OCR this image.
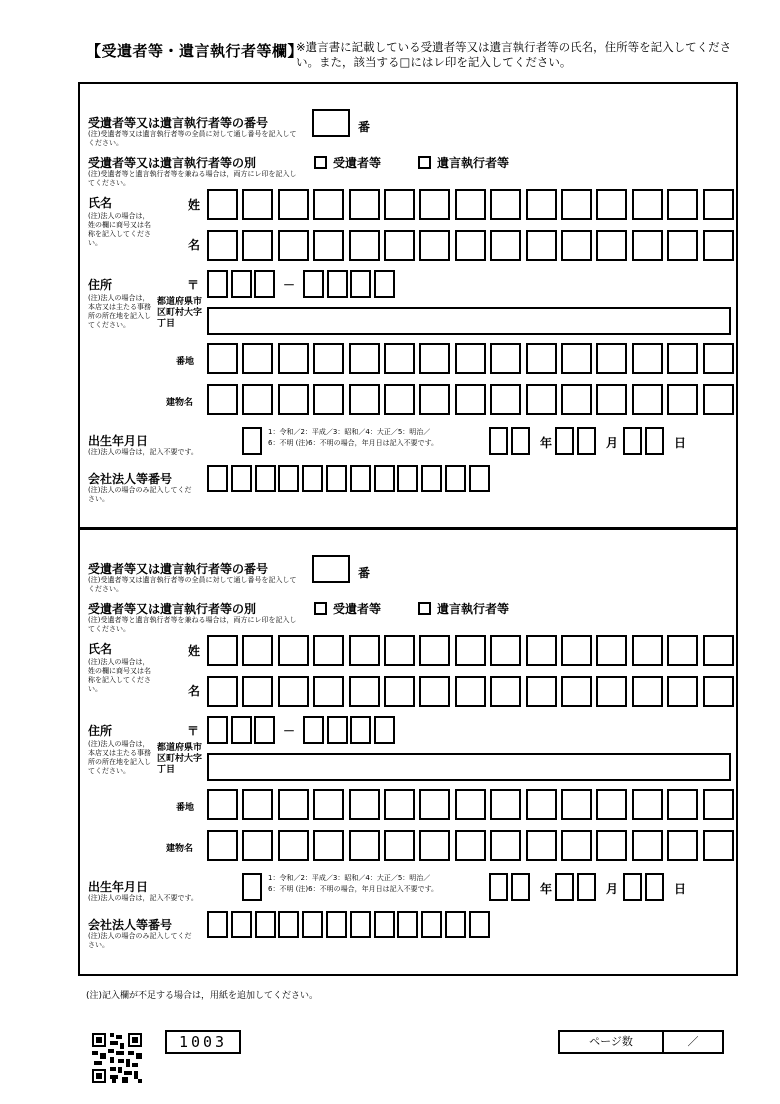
【受遺者等・遺言執行者等欄】
※遺言書に記載している受遺者等又は遺言執行者等の氏名，住所等を記入してください。また，該当する□にはレ印を記入してください。
受遺者等又は遺言執行者等の番号
(注)受遺者等又は遺言執行者等の全員に対して通し番号を記入してください。
番
受遺者等又は遺言執行者等の別
(注)受遺者等と遺言執行者等を兼ねる場合は，両方にレ印を記入してください。
受遺者等	遺言執行者等
氏名
(注)法人の場合は，姓の欄に商号又は名称を記入してください。
姓
名
住所
(注)法人の場合は，本店又は主たる事務所の所在地を記入してください。
〒	－
都道府県市区町村大字丁目
番地
建物名
出生年月日
(注)法人の場合は，記入不要です。
1：令和／2：平成／3：昭和／4：大正／5：明治／
6：不明 (注)6：不明の場合，年月日は記入不要です。	年	月	日
会社法人等番号
(注)法人の場合のみ記入してください。
受遺者等又は遺言執行者等の番号
(注)受遺者等又は遺言執行者等の全員に対して通し番号を記入してください。
番
受遺者等又は遺言執行者等の別
(注)受遺者等と遺言執行者等を兼ねる場合は，両方にレ印を記入してください。
受遺者等	遺言執行者等
氏名
(注)法人の場合は，姓の欄に商号又は名称を記入してください。
姓
名
住所
(注)法人の場合は，本店又は主たる事務所の所在地を記入してください。
〒	－
都道府県市区町村大字丁目
番地
建物名
出生年月日
(注)法人の場合は，記入不要です。
1：令和／2：平成／3：昭和／4：大正／5：明治／
6：不明 (注)6：不明の場合，年月日は記入不要です。	年	月	日
会社法人等番号
(注)法人の場合のみ記入してください。
(注)記入欄が不足する場合は，用紙を追加してください。
1003	ページ数	／
